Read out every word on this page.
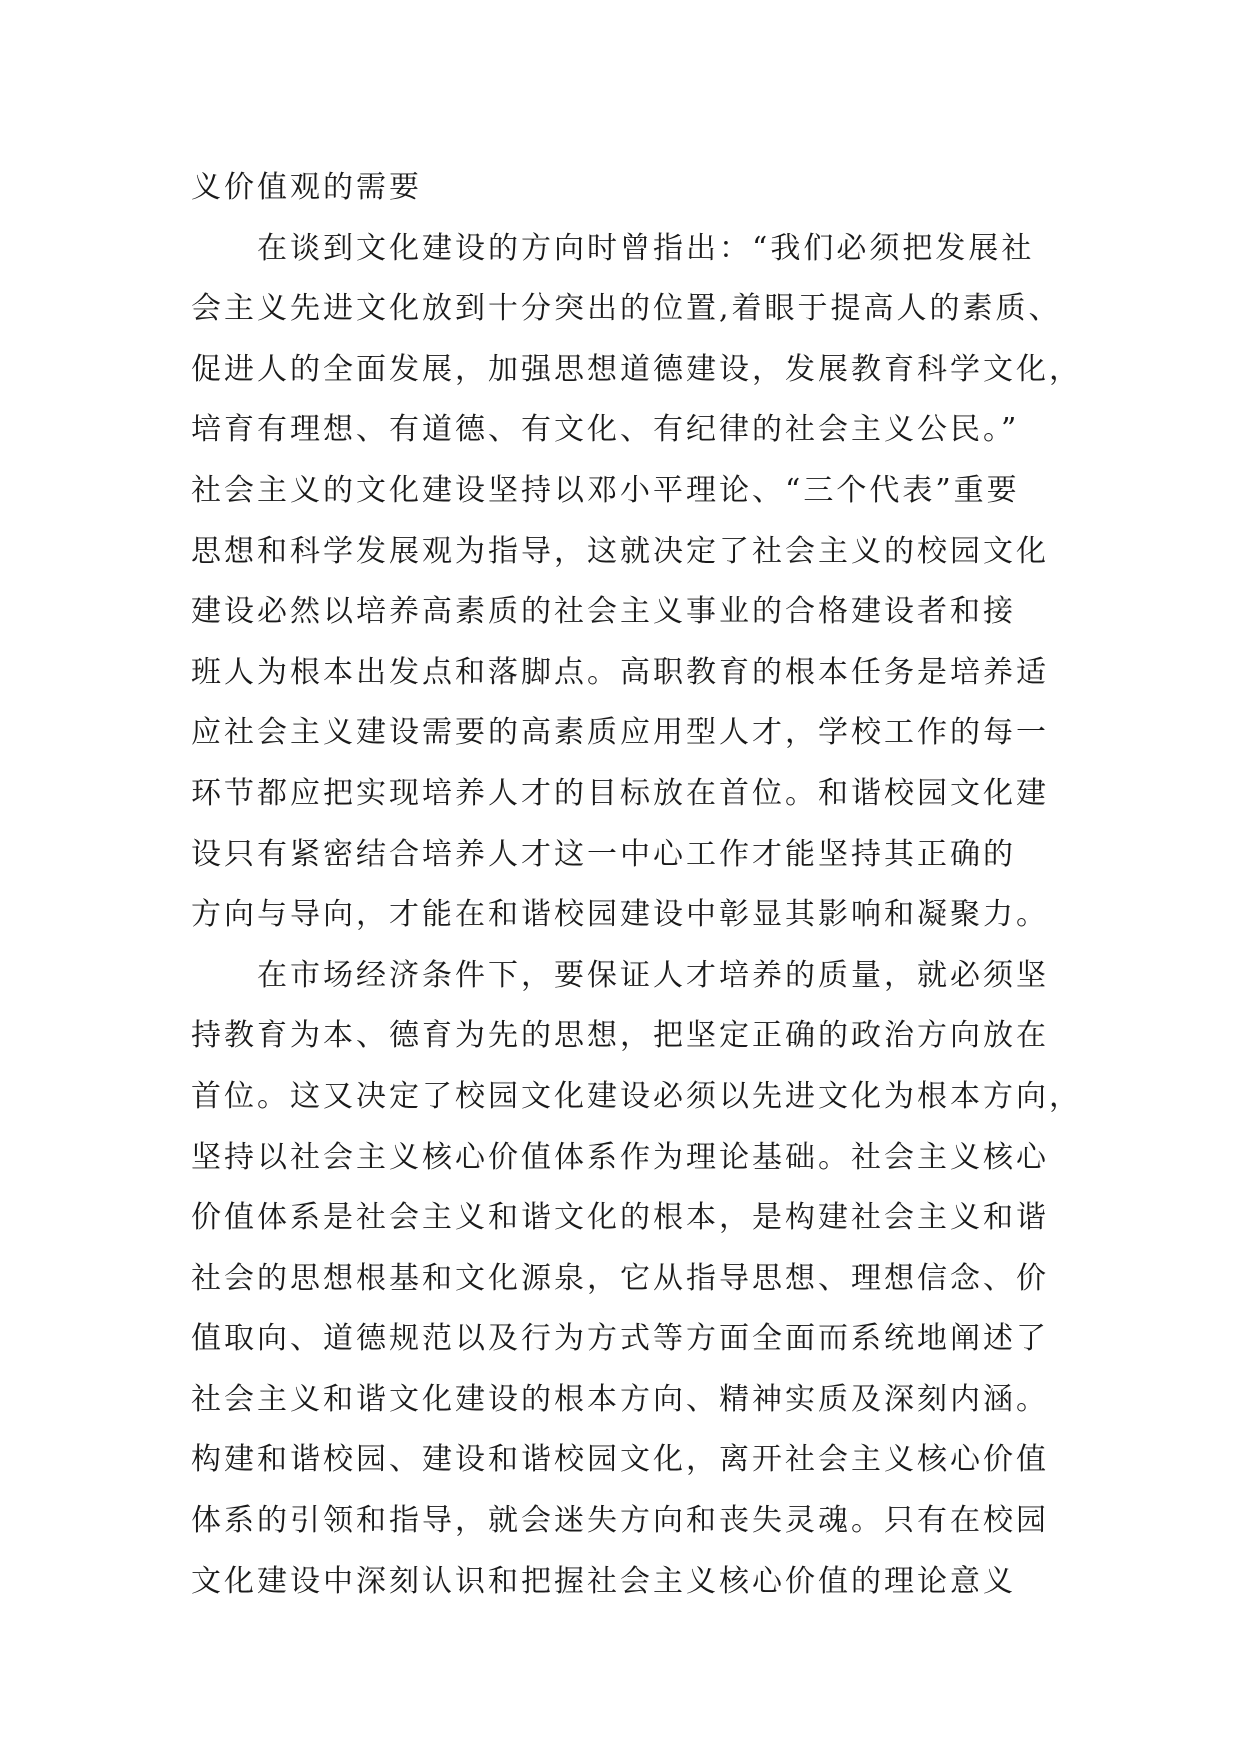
义价值观的需要
在谈到文化建设的方向时曾指出：“我们必须把发展社
会主义先进文化放到十分突出的位置,着眼于提高人的素质、
促进人的全面发展，加强思想道德建设，发展教育科学文化，
培育有理想、有道德、有文化、有纪律的社会主义公民。”
社会主义的文化建设坚持以邓小平理论、“三个代表”重要
思想和科学发展观为指导，这就决定了社会主义的校园文化
建设必然以培养高素质的社会主义事业的合格建设者和接
班人为根本出发点和落脚点。高职教育的根本任务是培养适
应社会主义建设需要的高素质应用型人才，学校工作的每一
环节都应把实现培养人才的目标放在首位。和谐校园文化建
设只有紧密结合培养人才这一中心工作才能坚持其正确的
方向与导向，才能在和谐校园建设中彰显其影响和凝聚力。
在市场经济条件下，要保证人才培养的质量，就必须坚
持教育为本、德育为先的思想，把坚定正确的政治方向放在
首位。这又决定了校园文化建设必须以先进文化为根本方向，
坚持以社会主义核心价值体系作为理论基础。社会主义核心
价值体系是社会主义和谐文化的根本，是构建社会主义和谐
社会的思想根基和文化源泉，它从指导思想、理想信念、价
值取向、道德规范以及行为方式等方面全面而系统地阐述了
社会主义和谐文化建设的根本方向、精神实质及深刻内涵。
构建和谐校园、建设和谐校园文化，离开社会主义核心价值
体系的引领和指导，就会迷失方向和丧失灵魂。只有在校园
文化建设中深刻认识和把握社会主义核心价值的理论意义
